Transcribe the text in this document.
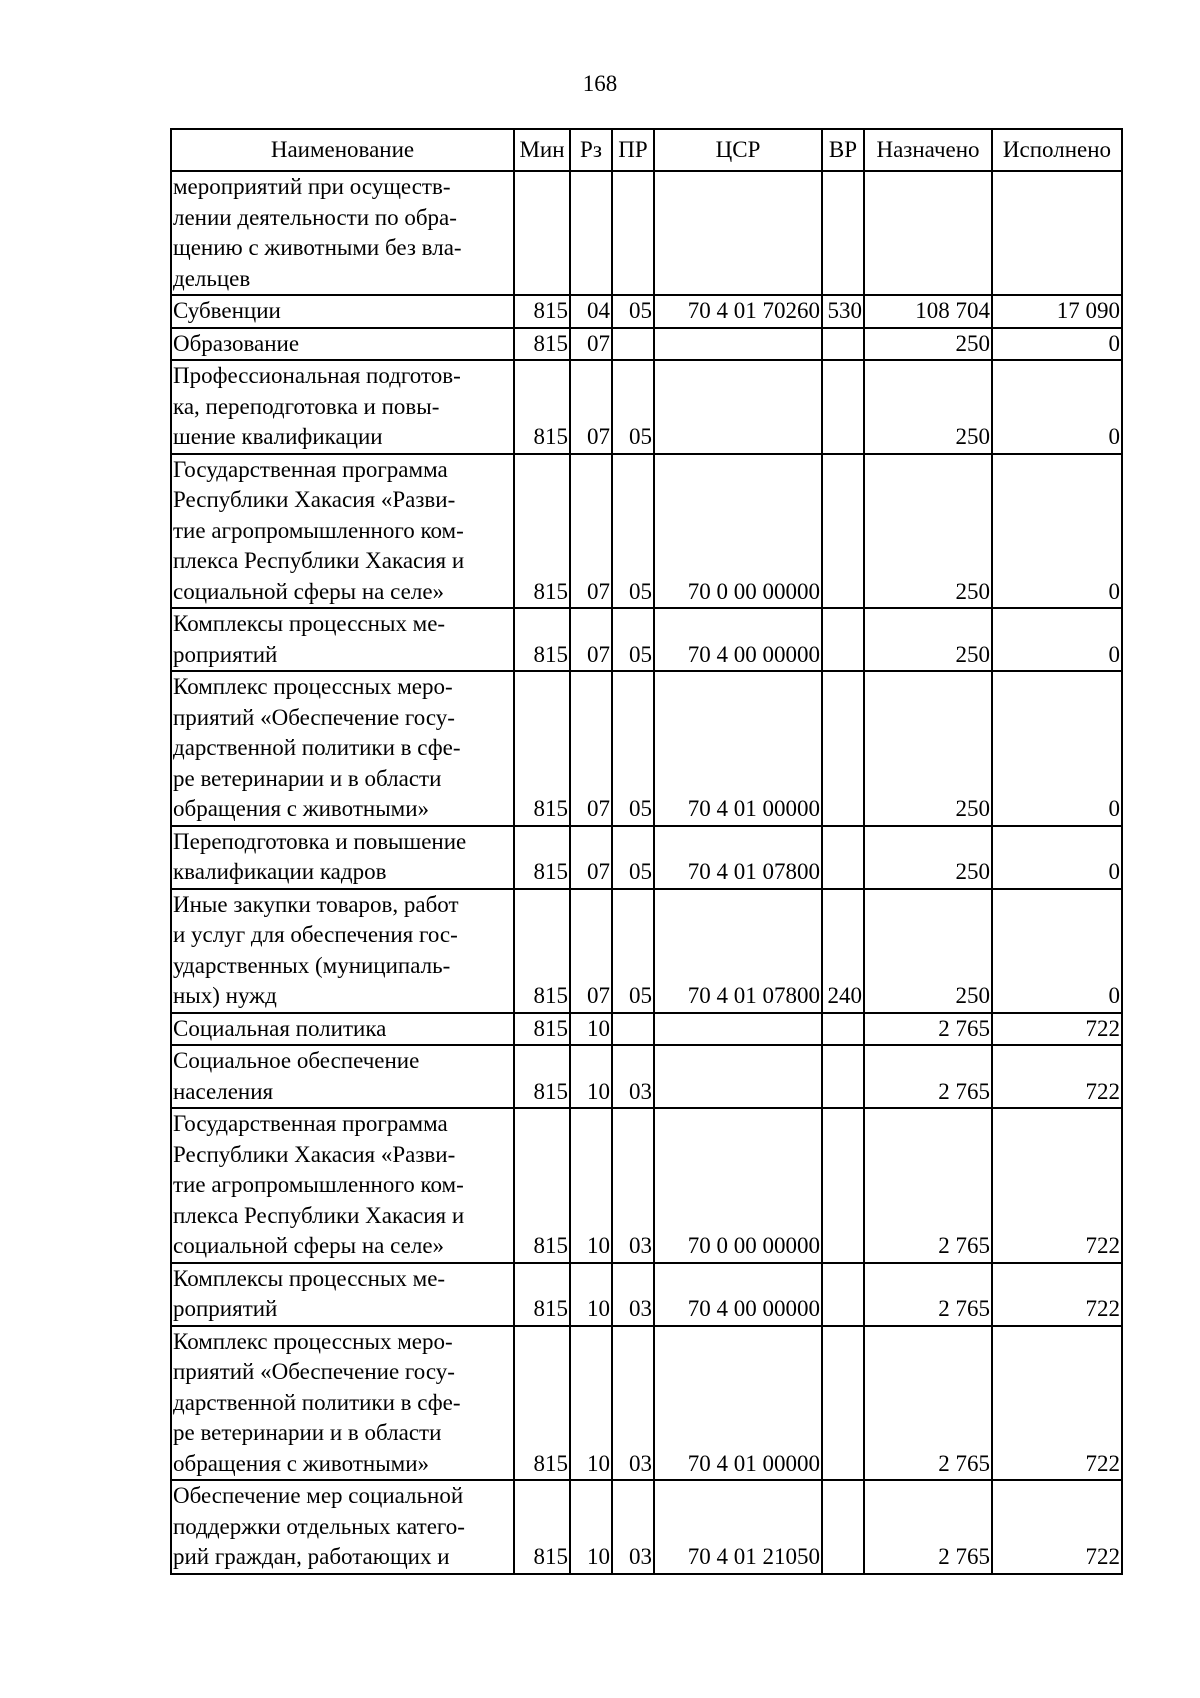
168
Наименование	Мин	Рз	ПР	ЦСР	ВР	Назначено	Исполнено

мероприятий при осуществ-
лении деятельности по обра-
щению с животными без вла-
дельцев							

Субвенции	815	04	05	70 4 01 70260	530	108 704	17 090

Образование	815	07				250	0

Профессиональная подготов-
ка, переподготовка и повы-
шение квалификации	815	07	05			250	0

Государственная программа
Республики Хакасия «Разви-
тие агропромышленного ком-
плекса Республики Хакасия и
социальной сферы на селе»	815	07	05	70 0 00 00000		250	0

Комплексы процессных ме-
роприятий	815	07	05	70 4 00 00000		250	0

Комплекс процессных меро-
приятий «Обеспечение госу-
дарственной политики в сфе-
ре ветеринарии и в области
обращения с животными»	815	07	05	70 4 01 00000		250	0

Переподготовка и повышение
квалификации кадров	815	07	05	70 4 01 07800		250	0

Иные закупки товаров, работ
и услуг для обеспечения гос-
ударственных (муниципаль-
ных) нужд	815	07	05	70 4 01 07800	240	250	0

Социальная политика	815	10				2 765	722

Социальное обеспечение
населения	815	10	03			2 765	722

Государственная программа
Республики Хакасия «Разви-
тие агропромышленного ком-
плекса Республики Хакасия и
социальной сферы на селе»	815	10	03	70 0 00 00000		2 765	722

Комплексы процессных ме-
роприятий	815	10	03	70 4 00 00000		2 765	722

Комплекс процессных меро-
приятий «Обеспечение госу-
дарственной политики в сфе-
ре ветеринарии и в области
обращения с животными»	815	10	03	70 4 01 00000		2 765	722

Обеспечение мер социальной
поддержки отдельных катего-
рий граждан, работающих и	815	10	03	70 4 01 21050		2 765	722
